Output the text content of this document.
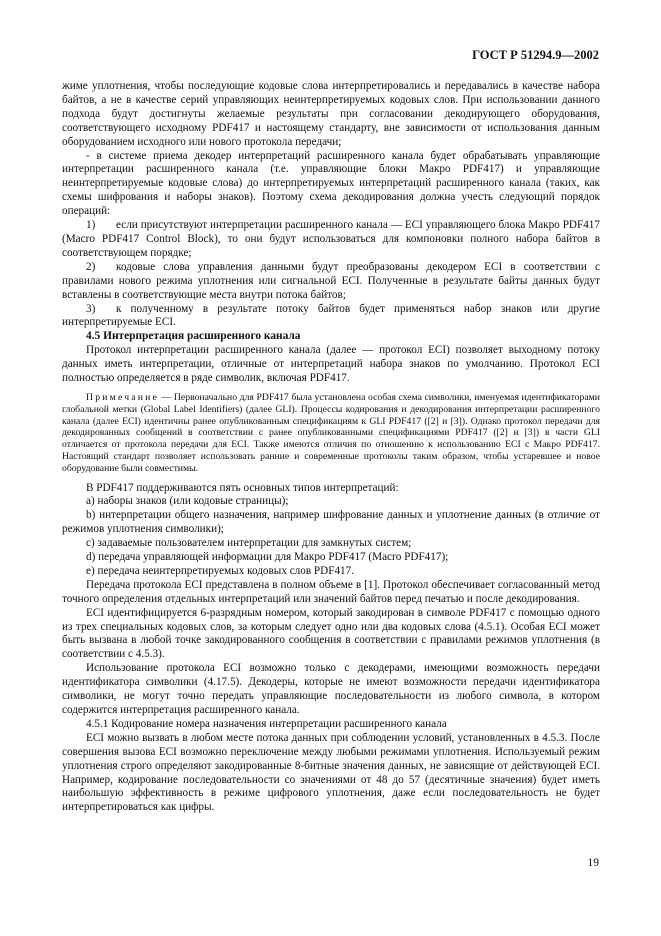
ГОСТ Р 51294.9—2002

жиме уплотнения, чтобы последующие кодовые слова интерпретировались и передавались в качестве набора байтов, а не в качестве серий управляющих неинтерпретируемых кодовых слов. При использовании данного подхода будут достигнуты желаемые результаты при согласовании декодирующего оборудования, соответствующего исходному PDF417 и настоящему стандарту, вне зависимости от использования данным оборудованием исходного или нового протокола передачи;

- в системе приема декодер интерпретаций расширенного канала будет обрабатывать управляющие интерпретации расширенного канала (т.е. управляющие блоки Макро PDF417) и управляющие неинтерпретируемые кодовые слова) до интерпретируемых интерпретаций расширенного канала (таких, как схемы шифрования и наборы знаков). Поэтому схема декодирования должна учесть следующий порядок операций:

1) если присутствуют интерпретации расширенного канала — ECI управляющего блока Макро PDF417 (Macro PDF417 Control Block), то они будут использоваться для компоновки полного набора байтов в соответствующем порядке;

2) кодовые слова управления данными будут преобразованы декодером ECI в соответствии с правилами нового режима уплотнения или сигнальной ECI. Полученные в результате байты данных будут вставлены в соответствующие места внутри потока байтов;

3) к полученному в результате потоку байтов будет применяться набор знаков или другие интерпретируемые ECI.

4.5 Интерпретация расширенного канала

Протокол интерпретации расширенного канала (далее — протокол ECI) позволяет выходному потоку данных иметь интерпретации, отличные от интерпретаций набора знаков по умолчанию. Протокол ECI полностью определяется в ряде символик, включая PDF417.

Примечание — Первоначально для PDF417 была установлена особая схема символики, именуемая идентификаторами глобальной метки (Global Label Identifiers) (далее GLI). Процессы кодирования и декодирования интерпретации расширенного канала (далее ECI) идентичны ранее опубликованным спецификациям к GLI PDF417 ([2] и [3]). Однако протокол передачи для декодированных сообщений в соответствии с ранее опубликованными спецификациями PDF417 ([2] и [3]) в части GLI отличается от протокола передачи для ECI. Также имеются отличия по отношению к использованию ECI с Макро PDF417. Настоящий стандарт позволяет использовать ранние и современные протоколы таким образом, чтобы устаревшее и новое оборудование были совместимы.

В PDF417 поддерживаются пять основных типов интерпретаций:

a) наборы знаков (или кодовые страницы);

b) интерпретации общего назначения, например шифрование данных и уплотнение данных (в отличие от режимов уплотнения символики);

c) задаваемые пользователем интерпретации для замкнутых систем;

d) передача управляющей информации для Макро PDF417 (Macro PDF417);

e) передача неинтерпретируемых кодовых слов PDF417.

Передача протокола ECI представлена в полном объеме в [1]. Протокол обеспечивает согласованный метод точного определения отдельных интерпретаций или значений байтов перед печатью и после декодирования.

ECI идентифицируется 6-разрядным номером, который закодирован в символе PDF417 с помощью одного из трех специальных кодовых слов, за которым следует одно или два кодовых слова (4.5.1). Особая ECI может быть вызвана в любой точке закодированного сообщения в соответствии с правилами режимов уплотнения (в соответствии с 4.5.3).

Использование протокола ECI возможно только с декодерами, имеющими возможность передачи идентификатора символики (4.17.5). Декодеры, которые не имеют возможности передачи идентификатора символики, не могут точно передать управляющие последовательности из любого символа, в котором содержится интерпретация расширенного канала.

4.5.1 Кодирование номера назначения интерпретации расширенного канала

ECI можно вызвать в любом месте потока данных при соблюдении условий, установленных в 4.5.3. После совершения вызова ECI возможно переключение между любыми режимами уплотнения. Используемый режим уплотнения строго определяют закодированные 8-битные значения данных, не зависящие от действующей ECI. Например, кодирование последовательности со значениями от 48 до 57 (десятичные значения) будет иметь наибольшую эффективность в режиме цифрового уплотнения, даже если последовательность не будет интерпретироваться как цифры.

19
